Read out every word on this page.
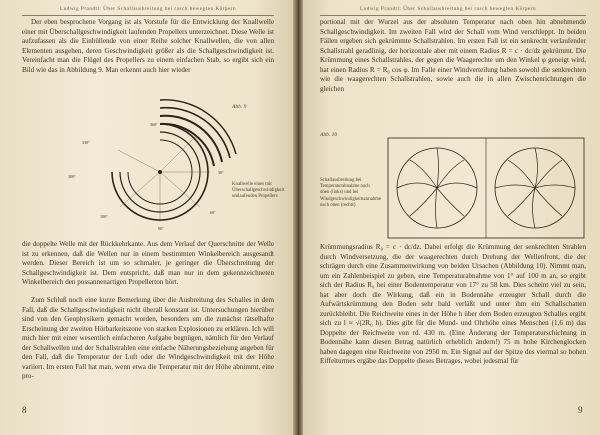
Ludwig Prandtl: Über Schallausbreitung bei rasch bewegten Körpern

Der eben besprochene Vorgang ist als Vorstufe für die Entwicklung der Knallwelle einer mit Überschallgeschwindigkeit laufenden Propellers unterzeichnet. Diese Welle ist aufzufassen als die Einhüllende von einer Reihe solcher Knallwellen, die von allen Elementen ausgehen, deren Geschwindigkeit größer als die Schallgeschwindigkeit ist. Vereinfacht man die Flügel des Propellers zu einem einfachen Stab, so ergibt sich ein Bild wie das in Abbildung 9. Man erkennt auch hier wieder

Abb. 9
330°
300°
180°
90°
60°
30°
360°
Knallwelle eines mit Überschallgeschwindigkeit umlaufenden Propellers

die doppelte Welle mit der Rückkehrkante. Aus dem Verlauf der Querschnitte der Welle ist zu erkennen, daß die Wellen nur in einem bestimmten Winkelbereich ausgesandt werden. Dieser Bereich ist um so schmaler, je geringer die Überschreitung der Schallgeschwindigkeit ist. Dem entspricht, daß man nur in dem gekennzeichneten Winkelbereich den possannenartigen Propellerton hört.

Zum Schluß noch eine kurze Bemerkung über die Ausbreitung des Schalles in dem Fall, daß die Schallgeschwindigkeit nicht überall konstant ist. Untersuchungen hierüber sind von den Geophysikern gemacht worden, besonders um die zunächst rätselhafte Erscheinung der zweiten Hörbarkeitszone von starken Explosionen zu erklären. Ich will mich hier mit einer wesentlich einfacheren Aufgabe begnügen, nämlich für den Verlauf der Schallwellen und der Schallstrahlen eine einfache Näherungsbeziehung angeben für den Fall, daß die Temperatur der Luft oder die Windgeschwindigkeit mit der Höhe variiert. Im ersten Fall hat man, wenn etwa die Temperatur mit der Höhe abnimmt, eine pro-

8
Ludwig Prandtl: Über Schallausbreitung bei rasch bewegten Körpern

portional mit der Wurzel aus der absoluten Temperatur nach oben hin abnehmende Schallgeschwindigkeit. Im zweiten Fall wird der Schall vom Wind verschleppt. In beiden Fällen ergeben sich gekrümmte Schallstrahlen. Im ersten Fall ist ein senkrecht verlaufender Schallstrahl geradlinig, der horizontale aber mit einem Radius R = c · dc/dz gekrümmt. Die Krümmung eines Schallstrahles, der gegen die Waagerechte um den Winkel φ geneigt wird, hat einen Radius R = R₀ cos φ. Im Falle einer Windverteilung haben sowohl die senkrechten wie die waagerechten Schallstrahlen, sowie auch die in allen Zwischenrichtungen die gleichen

Abb. 10
Schallausbreitung bei Temperaturabnahme nach oben (links) und bei Windgeschwindigkeitszunahme nach oben (rechts)

Krümmungsradius R₀ = c · dc/dz. Dabei erfolgt die Krümmung der senkrechten Strahlen durch Windversetzung, die der waagerechten durch Drehung der Wellenfront, die der schrägen durch eine Zusammenwirkung von beiden Ursachen (Abbildung 10). Nimmt man, um ein Zahlenbeispiel zu geben, eine Temperaturabnahme von 1° auf 100 m an, so ergibt sich der Radius R₀ bei einer Bodentemperatur von 17° zu 58 km. Dies scheint viel zu sein, hat aber doch die Wirkung, daß ein in Bodennähe erzeugter Schall durch die Aufwärtskrümmung den Boden sehr bald verläßt und unter ihm ein Schallschatten zurückbleibt. Die Reichweite eines in der Höhe h über dem Boden erzeugten Schalles ergibt sich zu l ≈ √(2R₀ h). Dies gibt für die Mund- und Ohrhöhe eines Menschen (1,6 m) das Doppelte der Reichweite von rd. 430 m. (Eine Änderung der Temperaturschichtung in Bodennähe kann diesen Betrag natürlich erheblich ändern!) 75 m hohe Kirchenglocken haben dagegen eine Reichweite von 2950 m. Ein Signal auf der Spitze des viermal so hohen Eiffelturmes ergäbe das Doppelte dieses Betrages, wobei jedesmal für

9
